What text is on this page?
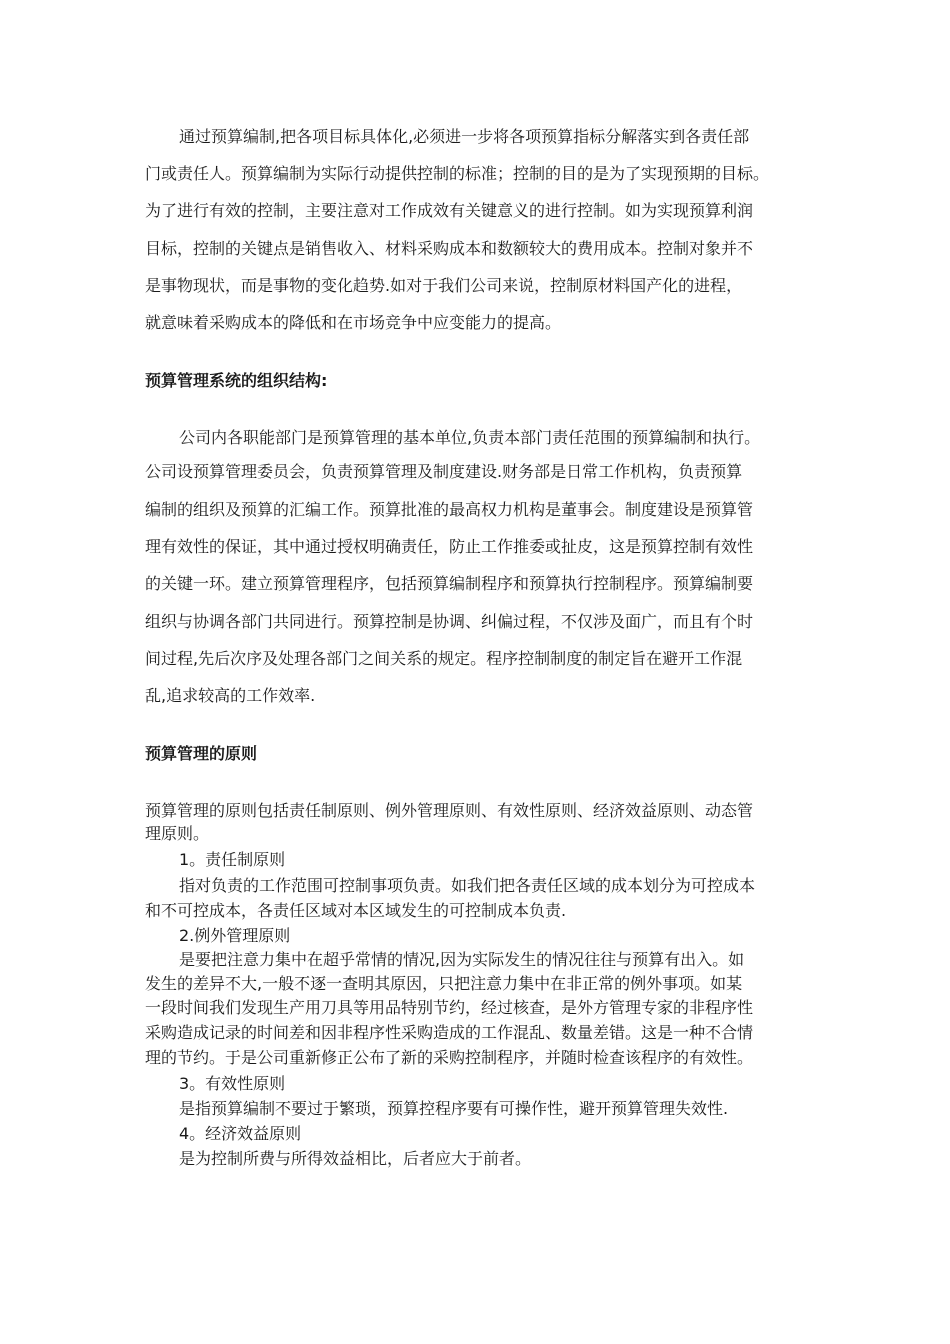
通过预算编制,把各项目标具体化,必须进一步将各项预算指标分解落实到各责任部
门或责任人。预算编制为实际行动提供控制的标准；控制的目的是为了实现预期的目标。
为了进行有效的控制，主要注意对工作成效有关键意义的进行控制。如为实现预算利润
目标，控制的关键点是销售收入、材料采购成本和数额较大的费用成本。控制对象并不
是事物现状，而是事物的变化趋势.如对于我们公司来说，控制原材料国产化的进程，
就意味着采购成本的降低和在市场竞争中应变能力的提高。
预算管理系统的组织结构:
公司内各职能部门是预算管理的基本单位,负责本部门责任范围的预算编制和执行。
公司设预算管理委员会，负责预算管理及制度建设.财务部是日常工作机构，负责预算
编制的组织及预算的汇编工作。预算批准的最高权力机构是董事会。制度建设是预算管
理有效性的保证，其中通过授权明确责任，防止工作推委或扯皮，这是预算控制有效性
的关键一环。建立预算管理程序，包括预算编制程序和预算执行控制程序。预算编制要
组织与协调各部门共同进行。预算控制是协调、纠偏过程，不仅涉及面广，而且有个时
间过程,先后次序及处理各部门之间关系的规定。程序控制制度的制定旨在避开工作混
乱,追求较高的工作效率.
预算管理的原则
预算管理的原则包括责任制原则、例外管理原则、有效性原则、经济效益原则、动态管
理原则。
1。责任制原则
指对负责的工作范围可控制事项负责。如我们把各责任区域的成本划分为可控成本
和不可控成本，各责任区域对本区域发生的可控制成本负责.
2.例外管理原则
是要把注意力集中在超乎常情的情况,因为实际发生的情况往往与预算有出入。如
发生的差异不大,一般不逐一查明其原因，只把注意力集中在非正常的例外事项。如某
一段时间我们发现生产用刀具等用品特别节约，经过核查，是外方管理专家的非程序性
采购造成记录的时间差和因非程序性采购造成的工作混乱、数量差错。这是一种不合情
理的节约。于是公司重新修正公布了新的采购控制程序，并随时检查该程序的有效性。
3。有效性原则
是指预算编制不要过于繁琐，预算控程序要有可操作性，避开预算管理失效性.
4。经济效益原则
是为控制所费与所得效益相比，后者应大于前者。
